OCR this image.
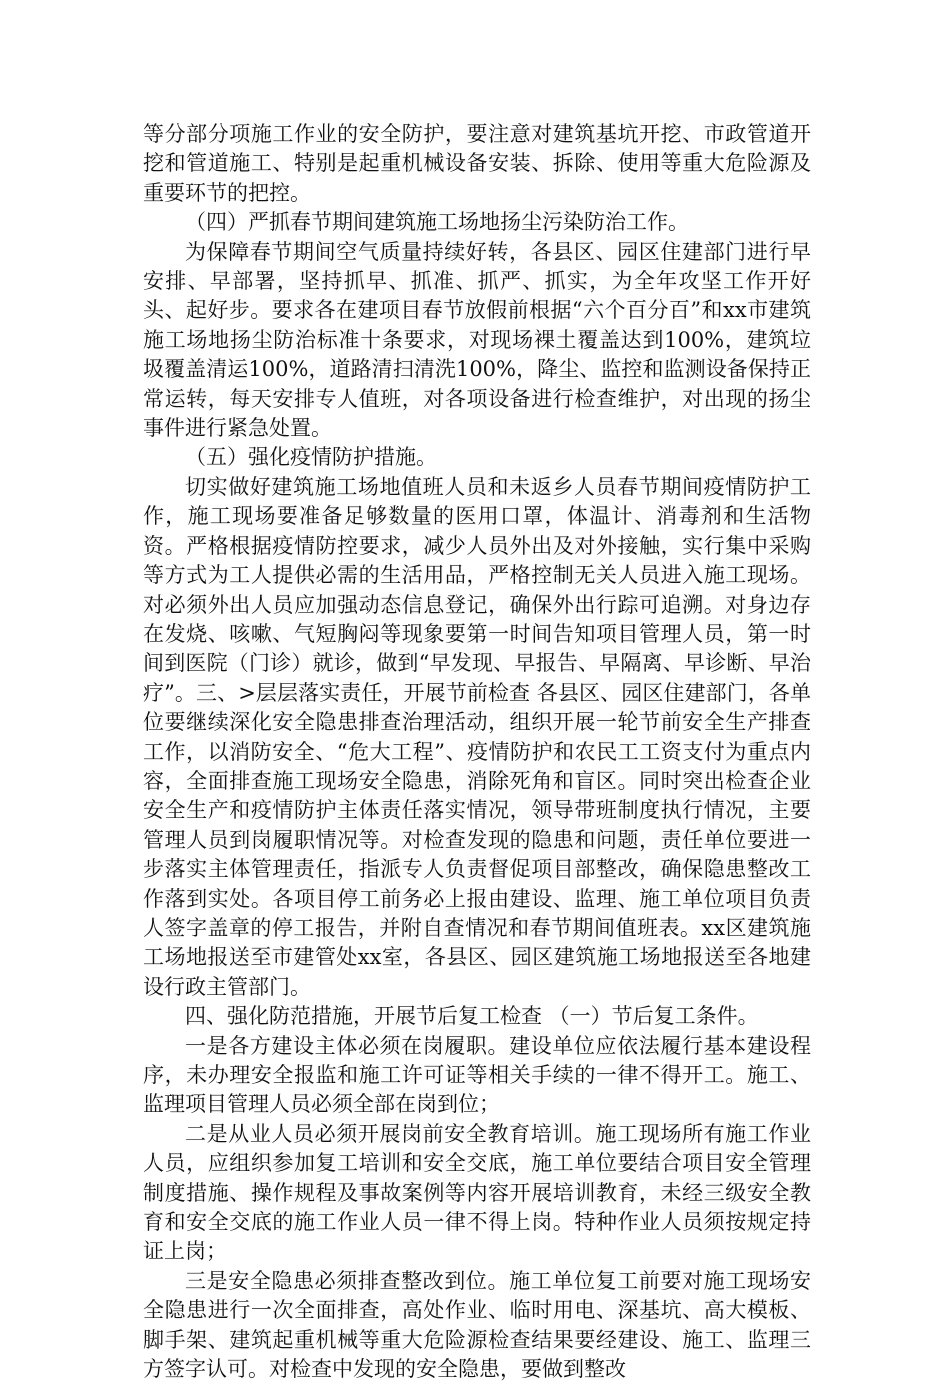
等分部分项施工作业的安全防护，要注意对建筑基坑开挖、市政管道开挖和管道施工、特别是起重机械设备安装、拆除、使用等重大危险源及重要环节的把控。

（四）严抓春节期间建筑施工场地扬尘污染防治工作。

为保障春节期间空气质量持续好转，各县区、园区住建部门进行早安排、早部署，坚持抓早、抓准、抓严、抓实，为全年攻坚工作开好头、起好步。要求各在建项目春节放假前根据“六个百分百”和xx市建筑施工场地扬尘防治标准十条要求，对现场裸土覆盖达到100%，建筑垃圾覆盖清运100%，道路清扫清洗100%，降尘、监控和监测设备保持正常运转，每天安排专人值班，对各项设备进行检查维护，对出现的扬尘事件进行紧急处置。

（五）强化疫情防护措施。

切实做好建筑施工场地值班人员和未返乡人员春节期间疫情防护工作，施工现场要准备足够数量的医用口罩，体温计、消毒剂和生活物资。严格根据疫情防控要求，减少人员外出及对外接触，实行集中采购等方式为工人提供必需的生活用品，严格控制无关人员进入施工现场。对必须外出人员应加强动态信息登记，确保外出行踪可追溯。对身边存在发烧、咳嗽、气短胸闷等现象要第一时间告知项目管理人员，第一时间到医院（门诊）就诊，做到“早发现、早报告、早隔离、早诊断、早治疗”。三、>层层落实责任，开展节前检查 各县区、园区住建部门，各单位要继续深化安全隐患排查治理活动，组织开展一轮节前安全生产排查工作，以消防安全、“危大工程”、疫情防护和农民工工资支付为重点内容，全面排查施工现场安全隐患，消除死角和盲区。同时突出检查企业安全生产和疫情防护主体责任落实情况，领导带班制度执行情况，主要管理人员到岗履职情况等。对检查发现的隐患和问题，责任单位要进一步落实主体管理责任，指派专人负责督促项目部整改，确保隐患整改工作落到实处。各项目停工前务必上报由建设、监理、施工单位项目负责人签字盖章的停工报告，并附自查情况和春节期间值班表。xx区建筑施工场地报送至市建管处xx室，各县区、园区建筑施工场地报送至各地建设行政主管部门。

四、强化防范措施，开展节后复工检查 （一）节后复工条件。

一是各方建设主体必须在岗履职。建设单位应依法履行基本建设程序，未办理安全报监和施工许可证等相关手续的一律不得开工。施工、监理项目管理人员必须全部在岗到位；

二是从业人员必须开展岗前安全教育培训。施工现场所有施工作业人员，应组织参加复工培训和安全交底，施工单位要结合项目安全管理制度措施、操作规程及事故案例等内容开展培训教育，未经三级安全教育和安全交底的施工作业人员一律不得上岗。特种作业人员须按规定持证上岗；

三是安全隐患必须排查整改到位。施工单位复工前要对施工现场安全隐患进行一次全面排查，高处作业、临时用电、深基坑、高大模板、脚手架、建筑起重机械等重大危险源检查结果要经建设、施工、监理三方签字认可。对检查中发现的安全隐患，要做到整改
